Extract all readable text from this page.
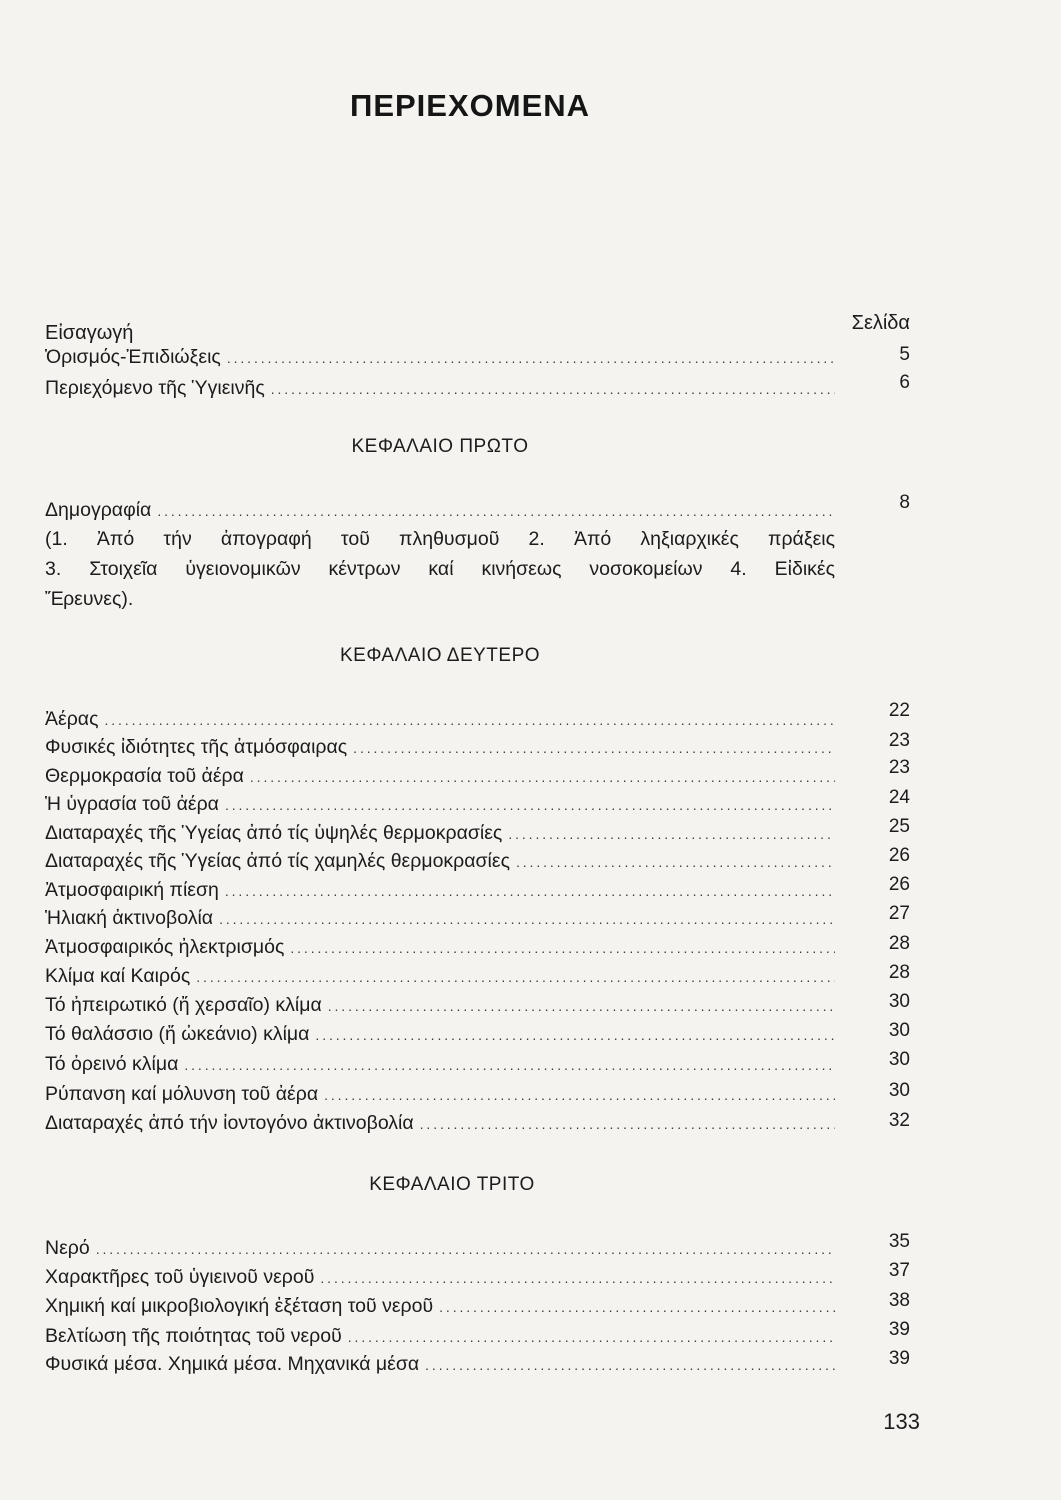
ΠΕΡΙΕΧΟΜΕΝΑ
Εἰσαγωγή	Σελίδα
Ὁρισμός-Ἐπιδιώξεις . . .	5
Περιεχόμενο τῆς Ὑγιεινῆς . . .	6
ΚΕΦΑΛΑΙΟ ΠΡΩΤΟ
Δημογραφία . . .	8
(1. Ἀπό τήν ἀπογραφή τοῦ πληθυσμοῦ 2. Ἀπό ληξιαρχικές πράξεις
3. Στοιχεῖα ὑγειονομικῶν κέντρων καί κινήσεως νοσοκομείων 4. Εἰδικές
Ἔρευνες).
ΚΕΦΑΛΑΙΟ ΔΕΥΤΕΡΟ
Ἀέρας . . .	22
Φυσικές ἰδιότητες τῆς ἀτμόσφαιρας . . .	23
Θερμοκρασία τοῦ ἀέρα . . .	23
Ἡ ὑγρασία τοῦ ἀέρα . . .	24
Διαταραχές τῆς Ὑγείας ἀπό τίς ὑψηλές θερμοκρασίες . . .	25
Διαταραχές τῆς Ὑγείας ἀπό τίς χαμηλές θερμοκρασίες . . .	26
Ἀτμοσφαιρική πίεση . . .	26
Ἡλιακή ἀκτινοβολία . . .	27
Ἀτμοσφαιρικός ἠλεκτρισμός . . .	28
Κλίμα καί Καιρός . . .	28
Τό ἠπειρωτικό (ἤ χερσαῖο) κλίμα . . .	30
Τό θαλάσσιο (ἤ ὠκεάνιο) κλίμα . . .	30
Τό ὀρεινό κλίμα . . .	30
Ρύπανση καί μόλυνση τοῦ ἀέρα . . .	30
Διαταραχές ἀπό τήν ἰοντογόνο ἀκτινοβολία . . .	32
ΚΕΦΑΛΑΙΟ ΤΡΙΤΟ
Νερό . . .	35
Χαρακτῆρες τοῦ ὑγιεινοῦ νεροῦ . . .	37
Χημική καί μικροβιολογική ἐξέταση τοῦ νεροῦ . . .	38
Βελτίωση τῆς ποιότητας τοῦ νεροῦ . . .	39
Φυσικά μέσα. Χημικά μέσα. Μηχανικά μέσα . . .	39
133
